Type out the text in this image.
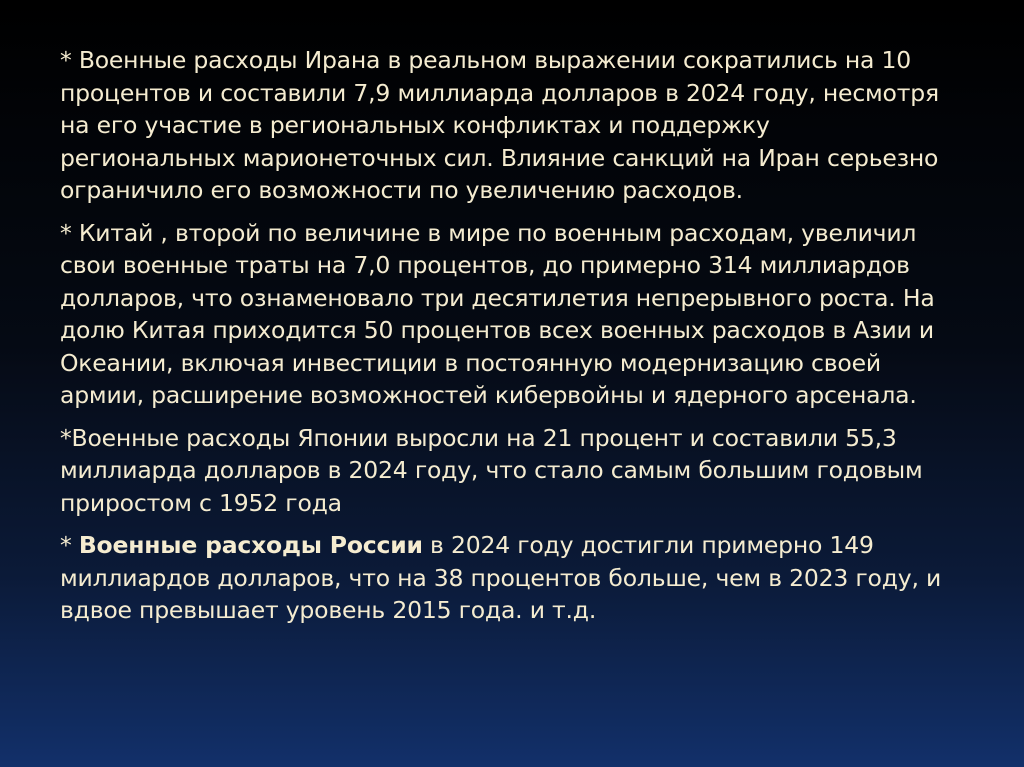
* Военные расходы Ирана в реальном выражении сократились на 10 процентов и составили 7,9 миллиарда долларов в 2024 году, несмотря на его участие в региональных конфликтах и поддержку региональных марионеточных сил. Влияние санкций на Иран серьезно ограничило его возможности по увеличению расходов.

* Китай , второй по величине в мире по военным расходам, увеличил свои военные траты на 7,0 процентов, до примерно 314 миллиардов долларов, что ознаменовало три десятилетия непрерывного роста. На долю Китая приходится 50 процентов всех военных расходов в Азии и Океании, включая инвестиции в постоянную модернизацию своей армии, расширение возможностей кибервойны и ядерного арсенала.

*Военные расходы Японии выросли на 21 процент и составили 55,3 миллиарда долларов в 2024 году, что стало самым большим годовым приростом с 1952 года

* Военные расходы России в 2024 году достигли примерно 149 миллиардов долларов, что на 38 процентов больше, чем в 2023 году, и вдвое превышает уровень 2015 года. и т.д.
